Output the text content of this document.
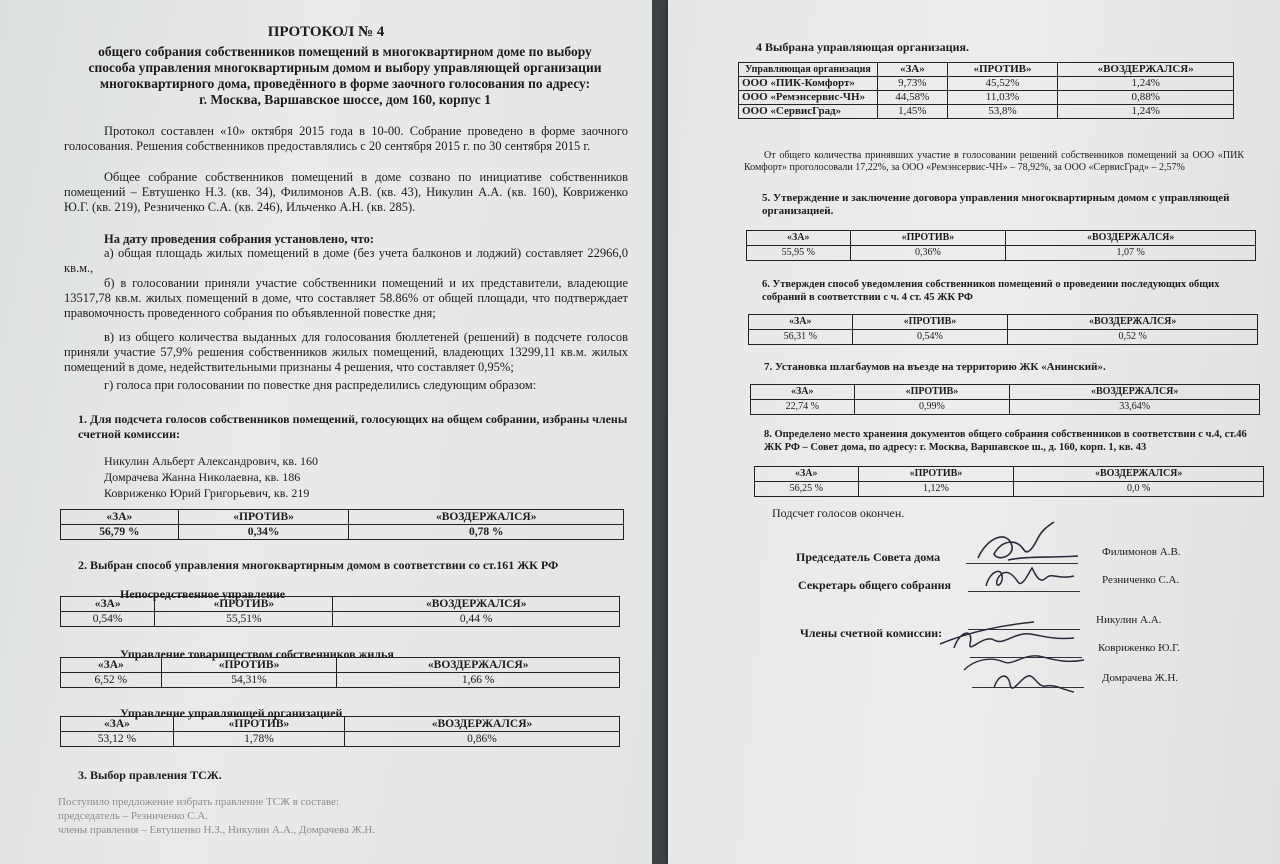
ПРОТОКОЛ № 4
общего собрания собственников помещений в многоквартирном доме по выбору
способа управления многоквартирным домом и выбору управляющей организации
многоквартирного дома, проведённого в форме заочного голосования по адресу:
г. Москва, Варшавское шоссе, дом 160, корпус 1
Протокол составлен «10» октября 2015 года в 10-00. Собрание проведено в форме заочного голосования. Решения собственников предоставлялись с 20 сентября 2015 г. по 30 сентября 2015 г.
Общее собрание собственников помещений в доме созвано по инициативе собственников помещений – Евтушенко Н.З. (кв. 34), Филимонов А.В. (кв. 43), Никулин А.А. (кв. 160), Ковриженко Ю.Г. (кв. 219), Резниченко С.А. (кв. 246), Ильченко А.Н. (кв. 285).
На дату проведения собрания установлено, что:
а) общая площадь жилых помещений в доме (без учета балконов и лоджий) составляет 22966,0 кв.м.,
б) в голосовании приняли участие собственники помещений и их представители, владеющие 13517,78 кв.м. жилых помещений в доме, что составляет 58.86% от общей площади, что подтверждает правомочность проведенного собрания по объявленной повестке дня;
в) из общего количества выданных для голосования бюллетеней (решений) в подсчете голосов приняли участие 57,9% решения собственников жилых помещений, владеющих 13299,11 кв.м. жилых помещений в доме, недействительными признаны 4 решения, что составляет 0,95%;
г) голоса при голосовании по повестке дня распределились следующим образом:
1. Для подсчета голосов собственников помещений, голосующих на общем собрании, избраны члены счетной комиссии:
Никулин Альберт Александрович, кв. 160
Домрачева Жанна Николаевна, кв. 186
Ковриженко Юрий Григорьевич, кв. 219
«ЗА»	«ПРОТИВ»	«ВОЗДЕРЖАЛСЯ»
56,79 %	0,34%	0,78 %
2. Выбран способ управления многоквартирным домом в соответствии со ст.161 ЖК РФ
Непосредственное управление
«ЗА»	«ПРОТИВ»	«ВОЗДЕРЖАЛСЯ»
0,54%	55,51%	0,44 %
Управление товариществом собственников жилья
«ЗА»	«ПРОТИВ»	«ВОЗДЕРЖАЛСЯ»
6,52 %	54,31%	1,66 %
Управление управляющей организацией
«ЗА»	«ПРОТИВ»	«ВОЗДЕРЖАЛСЯ»
53,12 %	1,78%	0,86%
3. Выбор правления ТСЖ.
Поступило предложение избрать правление ТСЖ в составе:
председатель – Резниченко С.А.
члены правления – Евтушенко Н.З., Никулин А.А., Домрачева Ж.Н.
4 Выбрана управляющая организация.
Управляющая организация	«ЗА»	«ПРОТИВ»	«ВОЗДЕРЖАЛСЯ»
ООО «ПИК-Комфорт»	9,73%	45,52%	1,24%
ООО «Ремэнсервис-ЧН»	44,58%	11,03%	0,88%
ООО «СервисГрад»	1,45%	53,8%	1,24%
От общего количества принявших участие в голосовании решений собственников помещений за ООО «ПИК Комфорт» проголосовали 17,22%, за ООО «Ремэнсервис-ЧН» – 78,92%, за ООО «СервисГрад» – 2,57%
5. Утверждение и заключение договора управления многоквартирным домом с управляющей организацией.
«ЗА»	«ПРОТИВ»	«ВОЗДЕРЖАЛСЯ»
55,95 %	0,36%	1,07 %
6. Утвержден способ уведомления собственников помещений о проведении последующих общих собраний в соответствии с ч. 4 ст. 45 ЖК РФ
«ЗА»	«ПРОТИВ»	«ВОЗДЕРЖАЛСЯ»
56,31 %	0,54%	0,52 %
7. Установка шлагбаумов на въезде на территорию ЖК «Анинский».
«ЗА»	«ПРОТИВ»	«ВОЗДЕРЖАЛСЯ»
22,74 %	0,99%	33,64%
8. Определено место хранения документов общего собрания собственников в соответствии с ч.4, ст.46 ЖК РФ – Совет дома, по адресу: г. Москва, Варшавское ш., д. 160, корп. 1, кв. 43
«ЗА»	«ПРОТИВ»	«ВОЗДЕРЖАЛСЯ»
56,25 %	1,12%	0,0 %
Подсчет голосов окончен.
Председатель Совета дома	Филимонов А.В.
Секретарь общего собрания	Резниченко С.А.
Члены счетной комиссии:
Никулин А.А.
Ковриженко Ю.Г.
Домрачева Ж.Н.
